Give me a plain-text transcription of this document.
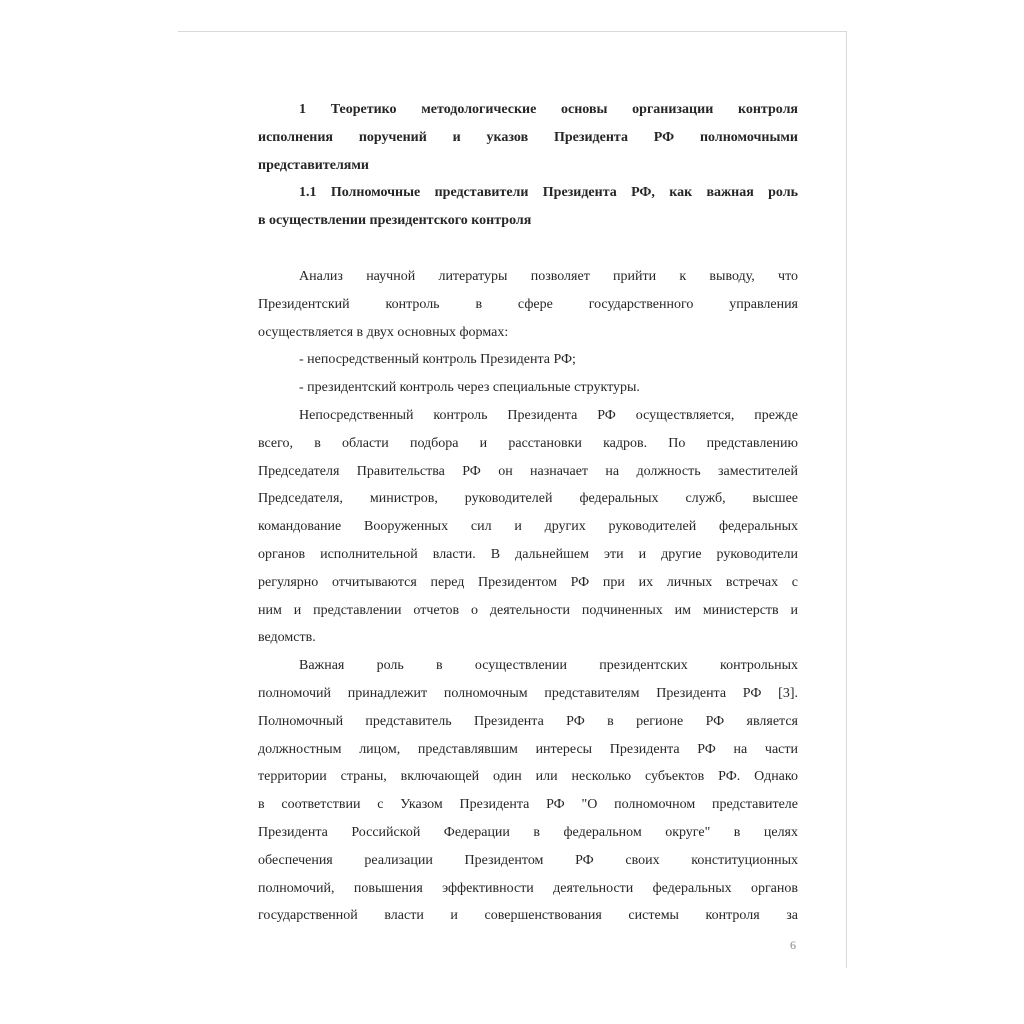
1 Теоретико методологические основы организации контроля
исполнения поручений и указов Президента РФ полномочными
представителями
1.1 Полномочные представители Президента РФ, как важная роль
в осуществлении президентского контроля
Анализ научной литературы позволяет прийти к выводу, что
Президентский контроль в сфере государственного управления
осуществляется в двух основных формах:
- непосредственный контроль Президента РФ;
- президентский контроль через специальные структуры.
Непосредственный контроль Президента РФ осуществляется, прежде
всего, в области подбора и расстановки кадров. По представлению
Председателя Правительства РФ он назначает на должность заместителей
Председателя, министров, руководителей федеральных служб, высшее
командование Вооруженных сил и других руководителей федеральных
органов исполнительной власти. В дальнейшем эти и другие руководители
регулярно отчитываются перед Президентом РФ при их личных встречах с
ним и представлении отчетов о деятельности подчиненных им министерств и
ведомств.
Важная роль в осуществлении президентских контрольных
полномочий принадлежит полномочным представителям Президента РФ [3].
Полномочный представитель Президента РФ в регионе РФ является
должностным лицом, представлявшим интересы Президента РФ на части
территории страны, включающей один или несколько субъектов РФ. Однако
в соответствии с Указом Президента РФ "О полномочном представителе
Президента Российской Федерации в федеральном округе" в целях
обеспечения реализации Президентом РФ своих конституционных
полномочий, повышения эффективности деятельности федеральных органов
государственной власти и совершенствования системы контроля за
6
